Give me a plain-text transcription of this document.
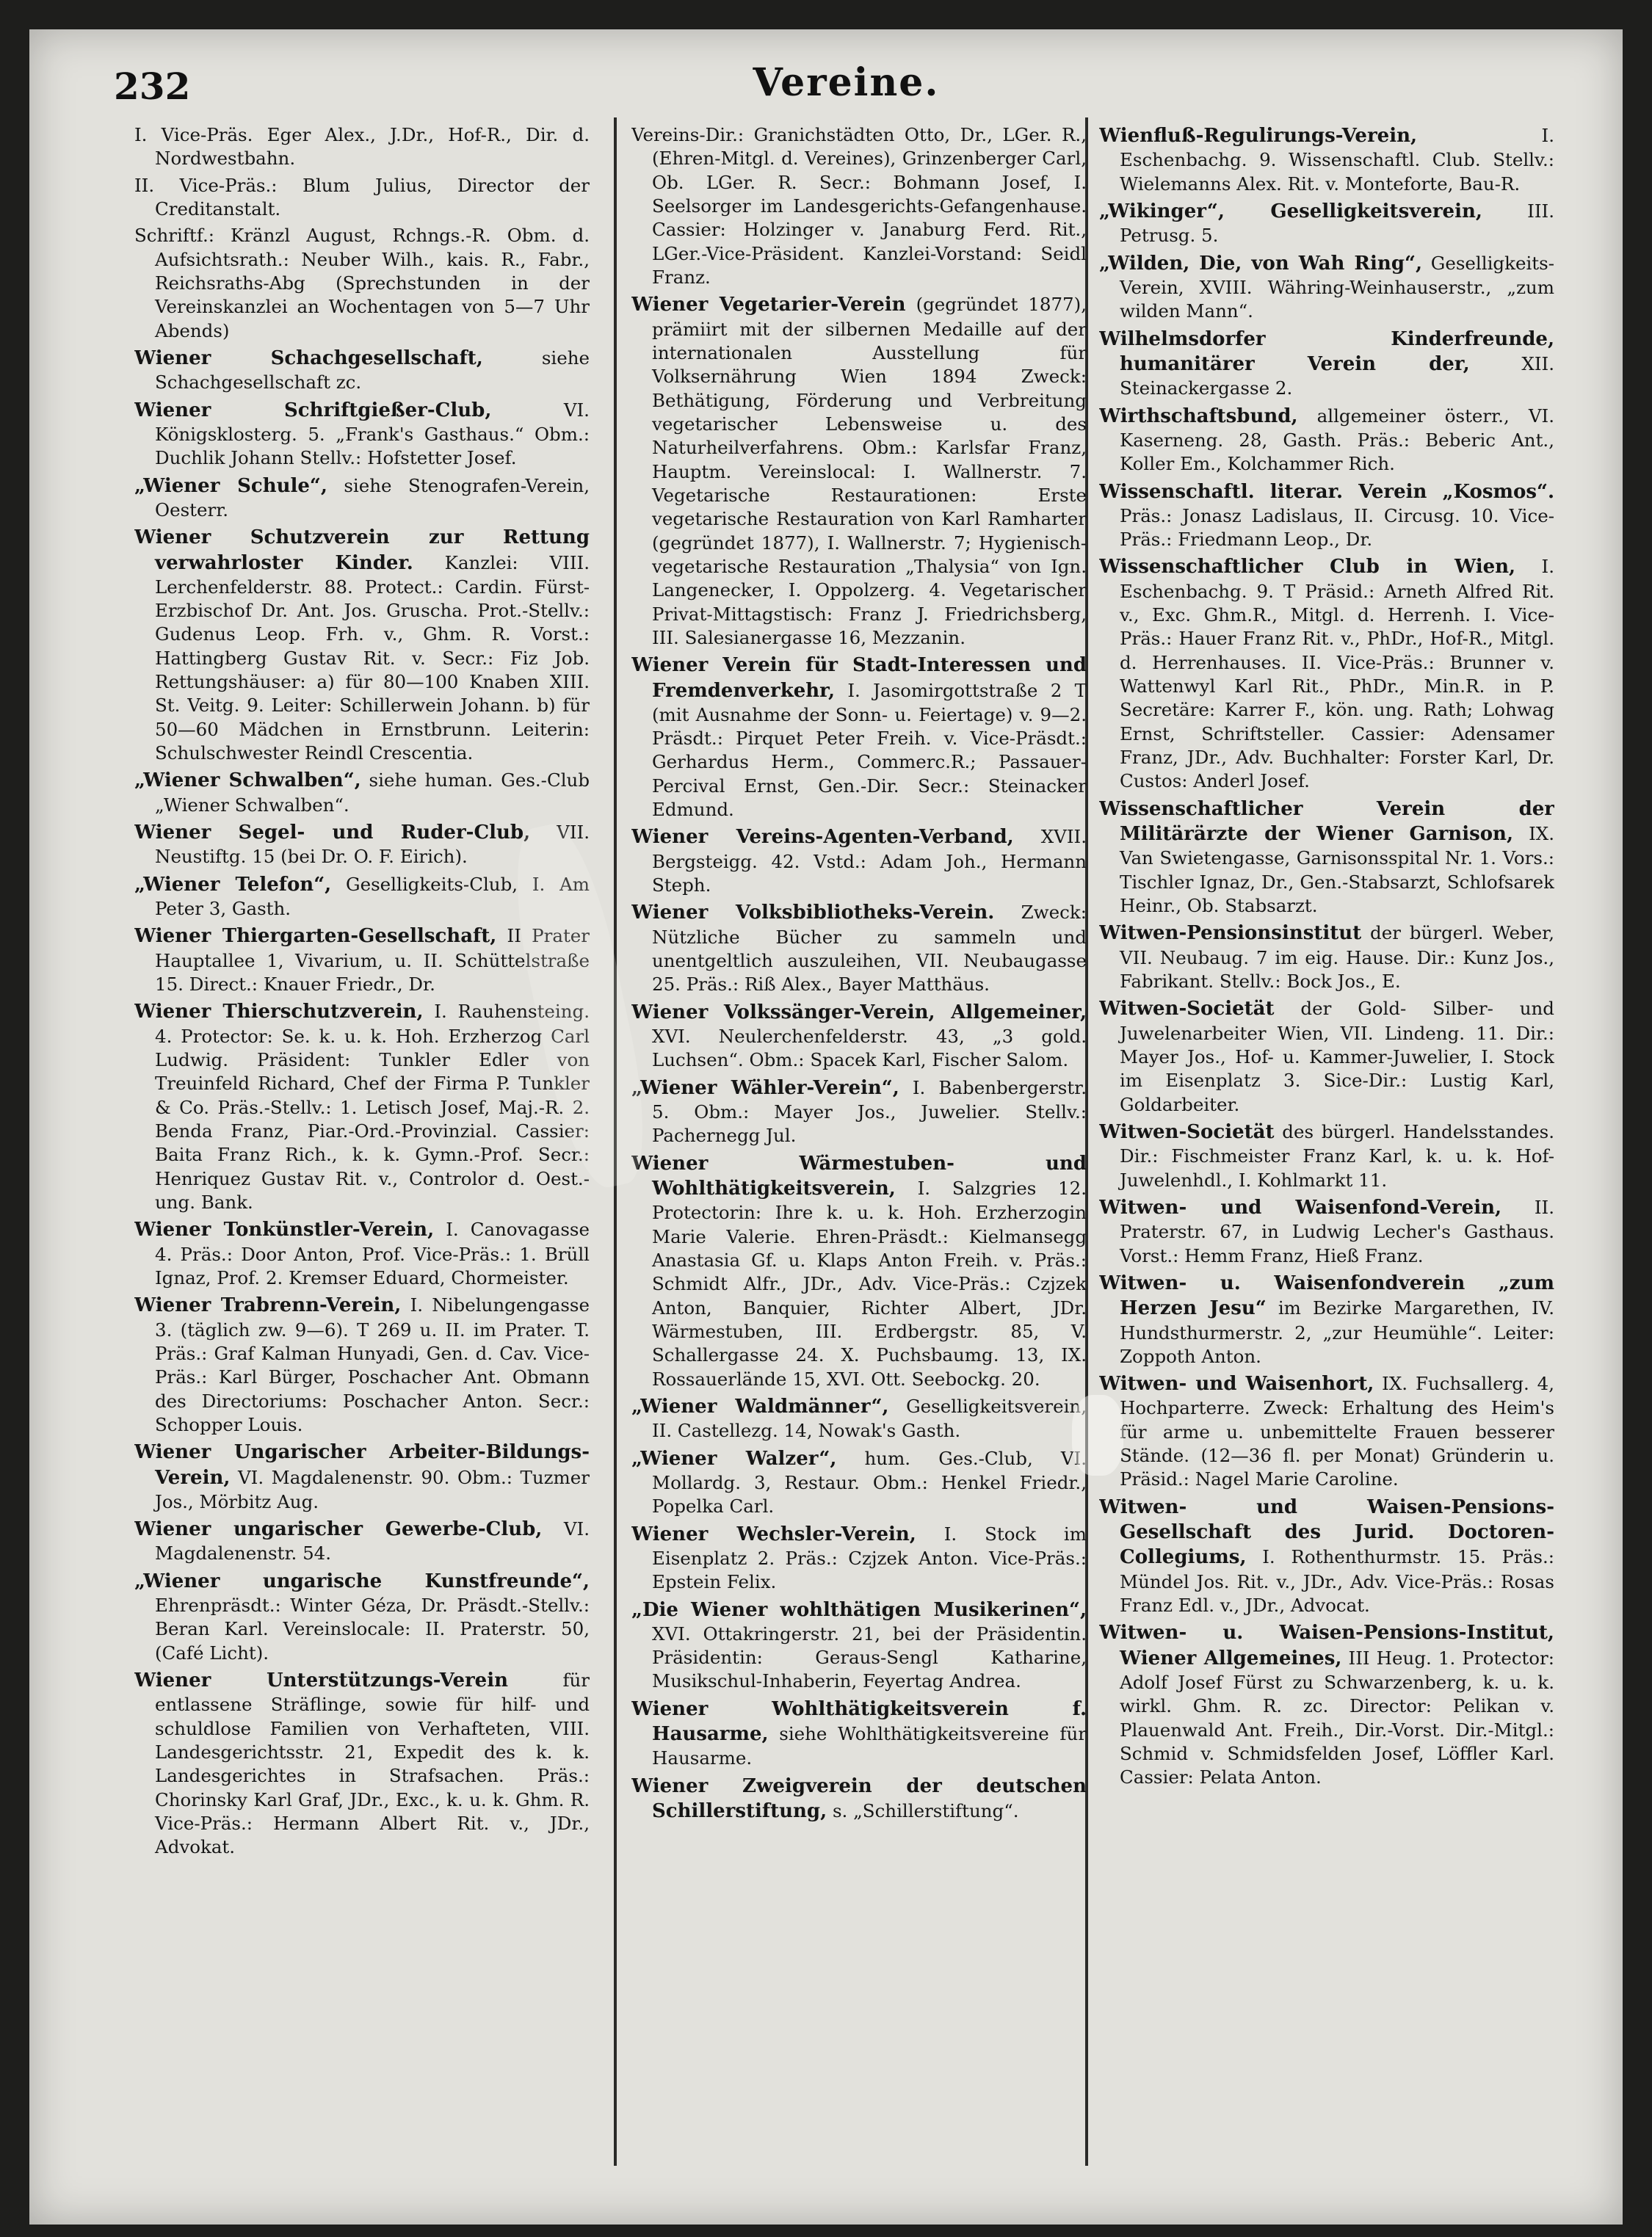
232	Vereine.

I. Vice-Präs. Eger Alex., J.Dr., Hof-R., Dir. d. Nordwestbahn.

II. Vice-Präs.: Blum Julius, Director der Creditanstalt.

Schriftf.: Kränzl August, Rchngs.-R. Obm. d. Aufsichtsrath.: Neuber Wilh., kais. R., Fabr., Reichsraths-Abg (Sprechstunden in der Vereinskanzlei an Wochentagen von 5—7 Uhr Abends)

Wiener Schachgesellschaft,	siehe Schachgesellschaft zc.

Wiener Schriftgießer-Club,	VI. Königsklosterg. 5. „Frank's Gasthaus.“ Obm.: Duchlik Johann Stellv.: Hofstetter Josef.

„Wiener Schule“, siehe Stenografen-Verein, Oesterr.

Wiener Schutzverein zur Rettung verwahrloster Kinder. Kanzlei: VIII. Lerchenfelderstr. 88. Protect.: Cardin. Fürst-Erzbischof Dr. Ant. Jos. Gruscha. Prot.-Stellv.: Gudenus Leop. Frh. v., Ghm. R. Vorst.: Hattingberg Gustav Rit. v. Secr.: Fiz Job. Rettungshäuser: a) für 80—100 Knaben XIII. St. Veitg. 9. Leiter: Schillerwein Johann. b) für 50—60 Mädchen in Ernstbrunn. Leiterin: Schulschwester Reindl Crescentia.

„Wiener Schwalben“, siehe human. Ges.-Club „Wiener Schwalben“.

Wiener Segel- und Ruder-Club, VII. Neustiftg. 15 (bei Dr. O. F. Eirich).

„Wiener Telefon“, Geselligkeits-Club, I. Am Peter 3, Gasth.

Wiener Thiergarten-Gesellschaft, II Prater Hauptallee 1, Vivarium, u. II. Schüttelstraße 15. Direct.: Knauer Friedr., Dr.

Wiener Thierschutzverein, I. Rauhensteing. 4. Protector: Se. k. u. k. Hoh. Erzherzog Carl Ludwig. Präsident: Tunkler Edler von Treuinfeld Richard, Chef der Firma P. Tunkler & Co. Präs.-Stellv.: 1. Letisch Josef, Maj.-R. 2. Benda Franz, Piar.-Ord.-Provinzial. Cassier: Baita Franz Rich., k. k. Gymn.-Prof. Secr.: Henriquez Gustav Rit. v., Controlor d. Oest.-ung. Bank.

Wiener Tonkünstler-Verein, I. Canovagasse 4. Präs.: Door Anton, Prof. Vice-Präs.: 1. Brüll Ignaz, Prof. 2. Kremser Eduard, Chormeister.

Wiener Trabrenn-Verein, I. Nibelungengasse 3. (täglich zw. 9—6). T 269 u. II. im Prater. T. Präs.: Graf Kalman Hunyadi, Gen. d. Cav. Vice-Präs.: Karl Bürger, Poschacher Ant. Obmann des Directoriums: Poschacher Anton. Secr.: Schopper Louis.

Wiener Ungarischer Arbeiter-Bildungs-Verein, VI. Magdalenenstr. 90. Obm.: Tuzmer Jos., Mörbitz Aug.

Wiener ungarischer Gewerbe-Club, VI. Magdalenenstr. 54.

„Wiener ungarische Kunstfreunde“, Ehrenpräsdt.: Winter Géza, Dr. Präsdt.-Stellv.: Beran Karl. Vereinslocale: II. Praterstr. 50, (Café Licht).

Wiener Unterstützungs-Verein	für entlassene Sträflinge, sowie für hilf- und schuldlose Familien von Verhafteten, VIII. Landesgerichtsstr. 21, Expedit des k. k. Landesgerichtes in Strafsachen. Präs.: Chorinsky Karl Graf, JDr., Exc., k. u. k. Ghm. R. Vice-Präs.: Hermann Albert Rit. v., JDr., Advokat.

Vereins-Dir.: Granichstädten Otto, Dr., LGer. R., (Ehren-Mitgl. d. Vereines), Grinzenberger Carl, Ob. LGer. R. Secr.: Bohmann Josef, I. Seelsorger im Landesgerichts-Gefangenhause. Cassier: Holzinger v. Janaburg Ferd. Rit., LGer.-Vice-Präsident. Kanzlei-Vorstand: Seidl Franz.

Wiener Vegetarier-Verein (gegründet 1877), prämiirt mit der silbernen Medaille auf der internationalen Ausstellung für Volksernährung Wien 1894 Zweck: Bethätigung, Förderung und Verbreitung vegetarischer Lebensweise u. des Naturheilverfahrens. Obm.: Karlsfar Franz, Hauptm. Vereinslocal: I. Wallnerstr. 7. Vegetarische Restaurationen: Erste vegetarische Restauration von Karl Ramharter (gegründet 1877), I. Wallnerstr. 7; Hygienisch-vegetarische Restauration „Thalysia“ von Ign. Langenecker, I. Oppolzerg. 4. Vegetarischer Privat-Mittagstisch: Franz J. Friedrichsberg, III. Salesianergasse 16, Mezzanin.

Wiener Verein für Stadt-Interessen und Fremdenverkehr, I. Jasomirgottstraße 2 T (mit Ausnahme der Sonn- u. Feiertage) v. 9—2. Präsdt.: Pirquet Peter Freih. v. Vice-Präsdt.: Gerhardus Herm., Commerc.R.; Passauer-Percival Ernst, Gen.-Dir. Secr.: Steinacker Edmund.

Wiener Vereins-Agenten-Verband, XVII. Bergsteigg. 42. Vstd.: Adam Joh., Hermann Steph.

Wiener Volksbibliotheks-Verein. Zweck: Nützliche Bücher zu sammeln und unentgeltlich auszuleihen, VII. Neubaugasse 25. Präs.: Riß Alex., Bayer Matthäus.

Wiener Volkssänger-Verein, Allgemeiner, XVI. Neulerchenfelderstr. 43, „3 gold. Luchsen“. Obm.: Spacek Karl, Fischer Salom.

„Wiener Wähler-Verein“, I. Babenbergerstr. 5. Obm.: Mayer Jos., Juwelier. Stellv.: Pachernegg Jul.

Wiener Wärmestuben- und Wohlthätigkeitsverein, I. Salzgries 12. Protectorin: Ihre k. u. k. Hoh. Erzherzogin Marie Valerie. Ehren-Präsdt.: Kielmansegg Anastasia Gf. u. Klaps Anton Freih. v. Präs.: Schmidt Alfr., JDr., Adv. Vice-Präs.: Czjzek Anton, Banquier, Richter Albert, JDr. Wärmestuben, III. Erdbergstr. 85, V. Schallergasse 24. X. Puchsbaumg. 13, IX. Rossauerlände 15, XVI. Ott. Seebockg. 20.

„Wiener Waldmänner“, Geselligkeitsverein, II. Castellezg. 14, Nowak's Gasth.

„Wiener Walzer“, hum. Ges.-Club, VI. Mollardg. 3, Restaur. Obm.: Henkel Friedr., Popelka Carl.

Wiener Wechsler-Verein, I. Stock im Eisenplatz 2. Präs.: Czjzek Anton. Vice-Präs.: Epstein Felix.

„Die Wiener wohlthätigen Musikerinen“, XVI. Ottakringerstr. 21, bei der Präsidentin. Präsidentin: Geraus-Sengl Katharine, Musikschul-Inhaberin, Feyertag Andrea.

Wiener Wohlthätigkeitsverein f. Hausarme, siehe Wohlthätigkeitsvereine für Hausarme.

Wiener Zweigverein der deutschen Schillerstiftung, s. „Schillerstiftung“.

Wienfluß-Regulirungs-Verein,	I. Eschenbachg. 9. Wissenschaftl. Club. Stellv.: Wielemanns Alex. Rit. v. Monteforte, Bau-R.

„Wikinger“, Geselligkeitsverein, III. Petrusg. 5.

„Wilden, Die, von Wah Ring“, Geselligkeits-Verein, XVIII. Währing-Weinhauserstr., „zum wilden Mann“.

Wilhelmsdorfer Kinderfreunde, humanitärer Verein der,	XII. Steinackergasse 2.

Wirthschaftsbund, allgemeiner österr., VI. Kaserneng. 28, Gasth. Präs.: Beberic Ant., Koller Em., Kolchammer Rich.

Wissenschaftl. literar. Verein „Kosmos“. Präs.: Jonasz Ladislaus, II. Circusg. 10. Vice-Präs.: Friedmann Leop., Dr.

Wissenschaftlicher Club in Wien, I. Eschenbachg. 9. T Präsid.: Arneth Alfred Rit. v., Exc. Ghm.R., Mitgl. d. Herrenh. I. Vice-Präs.: Hauer Franz Rit. v., PhDr., Hof-R., Mitgl. d. Herrenhauses. II. Vice-Präs.: Brunner v. Wattenwyl Karl Rit., PhDr., Min.R. in P. Secretäre: Karrer F., kön. ung. Rath; Lohwag Ernst, Schriftsteller. Cassier: Adensamer Franz, JDr., Adv. Buchhalter: Forster Karl, Dr. Custos: Anderl Josef.

Wissenschaftlicher Verein der Militärärzte der Wiener Garnison, IX. Van Swietengasse, Garnisonsspital Nr. 1. Vors.: Tischler Ignaz, Dr., Gen.-Stabsarzt, Schlofsarek Heinr., Ob. Stabsarzt.

Witwen-Pensionsinstitut der bürgerl. Weber, VII. Neubaug. 7 im eig. Hause. Dir.: Kunz Jos., Fabrikant. Stellv.: Bock Jos., E.

Witwen-Societät der Gold- Silber- und Juwelenarbeiter Wien, VII. Lindeng. 11. Dir.: Mayer Jos., Hof- u. Kammer-Juwelier, I. Stock im Eisenplatz 3. Sice-Dir.: Lustig Karl, Goldarbeiter.

Witwen-Societät des bürgerl. Handelsstandes. Dir.: Fischmeister Franz Karl, k. u. k. Hof-Juwelenhdl., I. Kohlmarkt 11.

Witwen- und Waisenfond-Verein, II. Praterstr. 67, in Ludwig Lecher's Gasthaus. Vorst.: Hemm Franz, Hieß Franz.

Witwen- u. Waisenfondverein „zum Herzen Jesu“ im Bezirke Margarethen, IV. Hundsthurmerstr. 2, „zur Heumühle“. Leiter: Zoppoth Anton.

Witwen- und Waisenhort, IX. Fuchsallerg. 4, Hochparterre. Zweck: Erhaltung des Heim's für arme u. unbemittelte Frauen besserer Stände. (12—36 fl. per Monat) Gründerin u. Präsid.: Nagel Marie Caroline.

Witwen- und Waisen-Pensions-Gesellschaft des Jurid. Doctoren-Collegiums, I. Rothenthurmstr. 15. Präs.: Mündel Jos. Rit. v., JDr., Adv. Vice-Präs.: Rosas Franz Edl. v., JDr., Advocat.

Witwen- u. Waisen-Pensions-Institut, Wiener Allgemeines, III Heug. 1. Protector: Adolf Josef Fürst zu Schwarzenberg, k. u. k. wirkl. Ghm. R. zc. Director: Pelikan v. Plauenwald Ant. Freih., Dir.-Vorst. Dir.-Mitgl.: Schmid v. Schmidsfelden Josef, Löffler Karl. Cassier: Pelata Anton.
